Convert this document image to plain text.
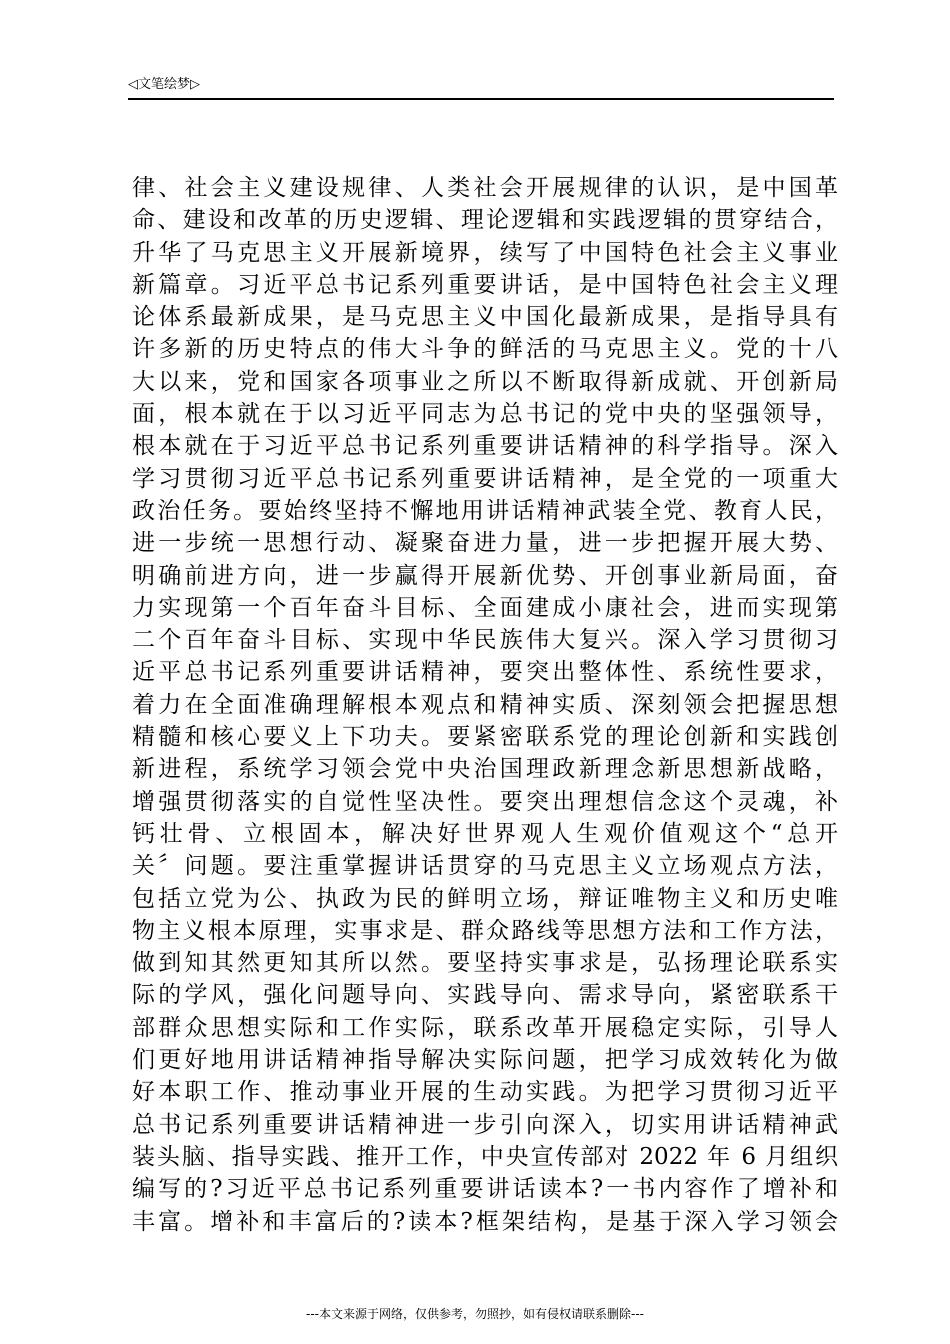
◁文笔绘梦▷
律、社会主义建设规律、人类社会开展规律的认识，是中国革
命、建设和改革的历史逻辑、理论逻辑和实践逻辑的贯穿结合，
升华了马克思主义开展新境界，续写了中国特色社会主义事业
新篇章。习近平总书记系列重要讲话，是中国特色社会主义理
论体系最新成果，是马克思主义中国化最新成果，是指导具有
许多新的历史特点的伟大斗争的鲜活的马克思主义。党的十八
大以来，党和国家各项事业之所以不断取得新成就、开创新局
面，根本就在于以习近平同志为总书记的党中央的坚强领导，
根本就在于习近平总书记系列重要讲话精神的科学指导。深入
学习贯彻习近平总书记系列重要讲话精神，是全党的一项重大
政治任务。要始终坚持不懈地用讲话精神武装全党、教育人民，
进一步统一思想行动、凝聚奋进力量，进一步把握开展大势、
明确前进方向，进一步赢得开展新优势、开创事业新局面，奋
力实现第一个百年奋斗目标、全面建成小康社会，进而实现第
二个百年奋斗目标、实现中华民族伟大复兴。深入学习贯彻习
近平总书记系列重要讲话精神，要突出整体性、系统性要求，
着力在全面准确理解根本观点和精神实质、深刻领会把握思想
精髓和核心要义上下功夫。要紧密联系党的理论创新和实践创
新进程，系统学习领会党中央治国理政新理念新思想新战略，
增强贯彻落实的自觉性坚决性。要突出理想信念这个灵魂，补
钙壮骨、立根固本，解决好世界观人生观价值观这个“总开
关〞问题。要注重掌握讲话贯穿的马克思主义立场观点方法，
包括立党为公、执政为民的鲜明立场，辩证唯物主义和历史唯
物主义根本原理，实事求是、群众路线等思想方法和工作方法，
做到知其然更知其所以然。要坚持实事求是，弘扬理论联系实
际的学风，强化问题导向、实践导向、需求导向，紧密联系干
部群众思想实际和工作实际，联系改革开展稳定实际，引导人
们更好地用讲话精神指导解决实际问题，把学习成效转化为做
好本职工作、推动事业开展的生动实践。为把学习贯彻习近平
总书记系列重要讲话精神进一步引向深入，切实用讲话精神武
装头脑、指导实践、推开工作，中央宣传部对 2022 年 6 月组织
编写的?习近平总书记系列重要讲话读本?一书内容作了增补和
丰富。增补和丰富后的?读本?框架结构，是基于深入学习领会
---本文来源于网络，仅供参考，勿照抄，如有侵权请联系删除---
